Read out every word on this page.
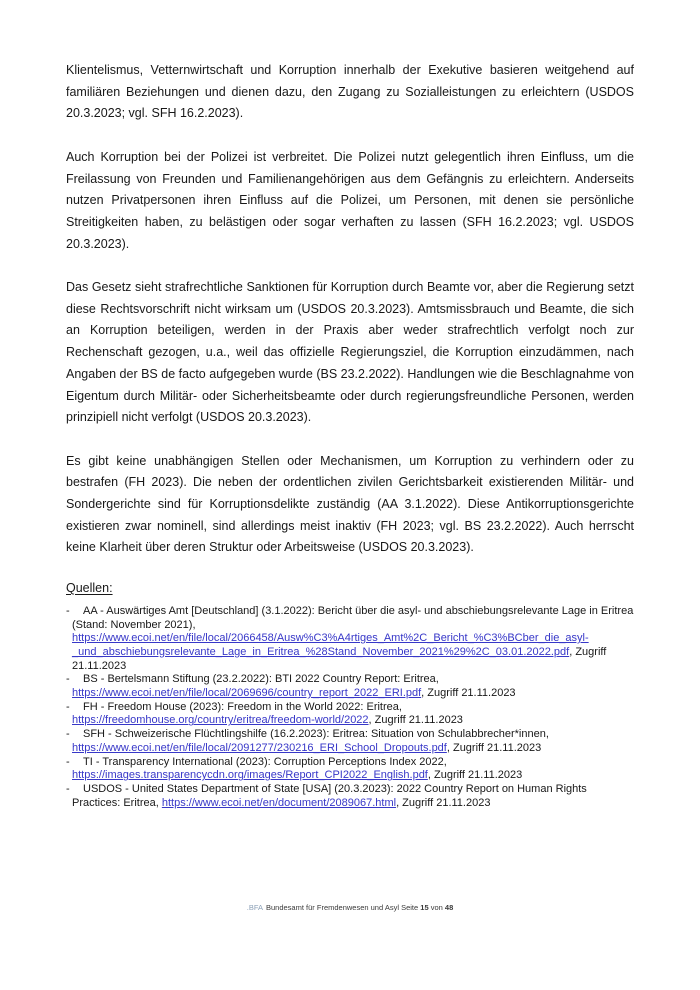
Klientelismus, Vetternwirtschaft und Korruption innerhalb der Exekutive basieren weitgehend auf familiären Beziehungen und dienen dazu, den Zugang zu Sozialleistungen zu erleichtern (USDOS 20.3.2023; vgl. SFH 16.2.2023).

Auch Korruption bei der Polizei ist verbreitet. Die Polizei nutzt gelegentlich ihren Einfluss, um die Freilassung von Freunden und Familienangehörigen aus dem Gefängnis zu erleichtern. Anderseits nutzen Privatpersonen ihren Einfluss auf die Polizei, um Personen, mit denen sie persönliche Streitigkeiten haben, zu belästigen oder sogar verhaften zu lassen (SFH 16.2.2023; vgl. USDOS 20.3.2023).

Das Gesetz sieht strafrechtliche Sanktionen für Korruption durch Beamte vor, aber die Regierung setzt diese Rechtsvorschrift nicht wirksam um (USDOS 20.3.2023). Amtsmissbrauch und Beamte, die sich an Korruption beteiligen, werden in der Praxis aber weder strafrechtlich verfolgt noch zur Rechenschaft gezogen, u.a., weil das offizielle Regierungsziel, die Korruption einzudämmen, nach Angaben der BS de facto aufgegeben wurde (BS 23.2.2022). Handlungen wie die Beschlagnahme von Eigentum durch Militär- oder Sicherheitsbeamte oder durch regierungsfreundliche Personen, werden prinzipiell nicht verfolgt (USDOS 20.3.2023).

Es gibt keine unabhängigen Stellen oder Mechanismen, um Korruption zu verhindern oder zu bestrafen (FH 2023). Die neben der ordentlichen zivilen Gerichtsbarkeit existierenden Militär- und Sondergerichte sind für Korruptionsdelikte zuständig (AA 3.1.2022). Diese Antikorruptionsgerichte existieren zwar nominell, sind allerdings meist inaktiv (FH 2023; vgl. BS 23.2.2022). Auch herrscht keine Klarheit über deren Struktur oder Arbeitsweise (USDOS 20.3.2023).

Quellen:
- AA - Auswärtiges Amt [Deutschland] (3.1.2022): Bericht über die asyl- und abschiebungsrelevante Lage in Eritrea (Stand: November 2021), https://www.ecoi.net/en/file/local/2066458/Ausw%C3%A4rtiges_Amt%2C_Bericht_%C3%BCber_die_asyl-_und_abschiebungsrelevante_Lage_in_Eritrea_%28Stand_November_2021%29%2C_03.01.2022.pdf, Zugriff 21.11.2023
- BS - Bertelsmann Stiftung (23.2.2022): BTI 2022 Country Report: Eritrea, https://www.ecoi.net/en/file/local/2069696/country_report_2022_ERI.pdf, Zugriff 21.11.2023
- FH - Freedom House (2023): Freedom in the World 2022: Eritrea, https://freedomhouse.org/country/eritrea/freedom-world/2022, Zugriff 21.11.2023
- SFH - Schweizerische Flüchtlingshilfe (16.2.2023): Eritrea: Situation von Schulabbrecher*innen, https://www.ecoi.net/en/file/local/2091277/230216_ERI_School_Dropouts.pdf, Zugriff 21.11.2023
- TI - Transparency International (2023): Corruption Perceptions Index 2022, https://images.transparencycdn.org/images/Report_CPI2022_English.pdf, Zugriff 21.11.2023
- USDOS - United States Department of State [USA] (20.3.2023): 2022 Country Report on Human Rights Practices: Eritrea, https://www.ecoi.net/en/document/2089067.html, Zugriff 21.11.2023
.BFA Bundesamt für Fremdenwesen und Asyl Seite 15 von 48
